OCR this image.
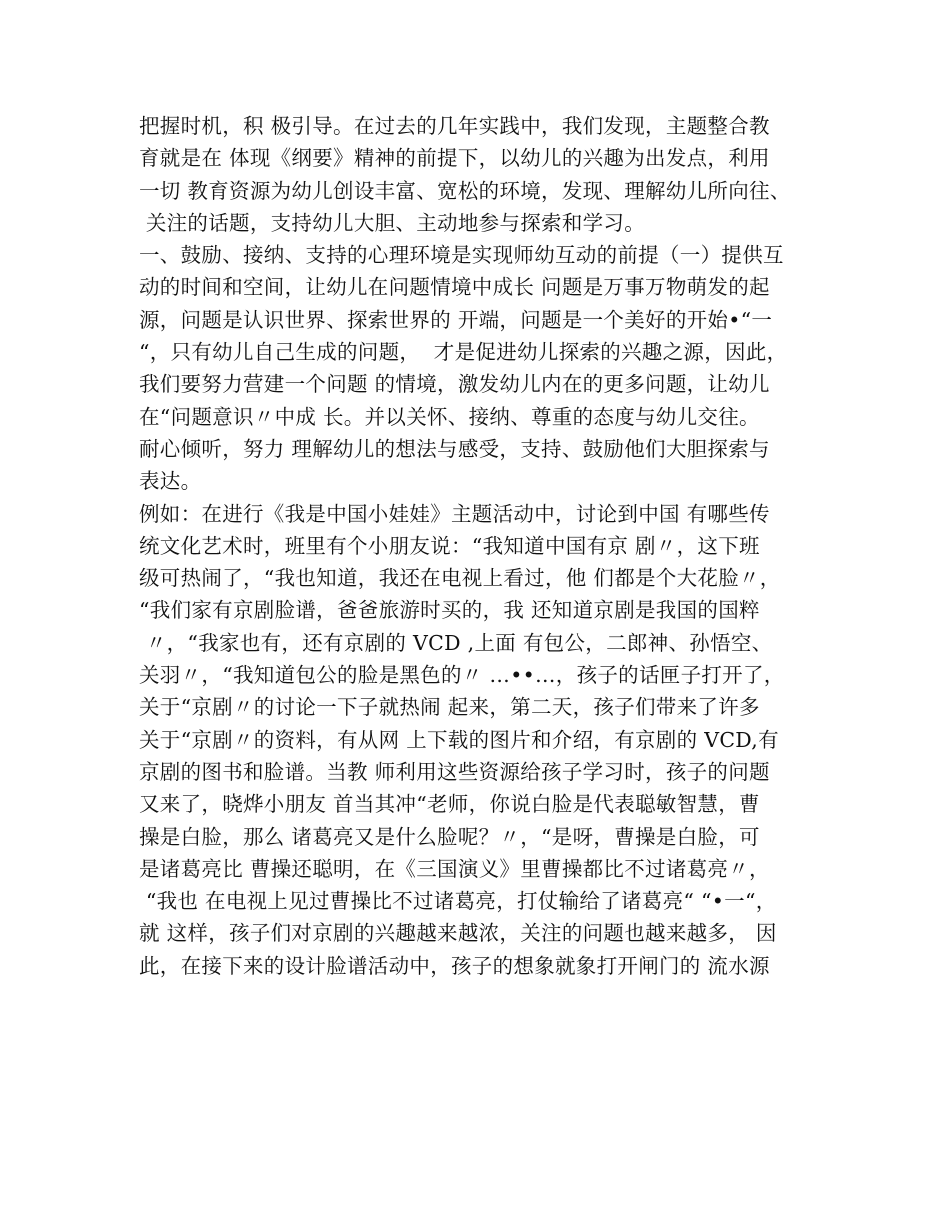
把握时机，积 极引导。在过去的几年实践中，我们发现，主题整合教
育就是在 体现《纲要》精神的前提下，以幼儿的兴趣为出发点，利用
一切 教育资源为幼儿创设丰富、宽松的环境，发现、理解幼儿所向往、
关注的话题，支持幼儿大胆、主动地参与探索和学习。
一、鼓励、接纳、支持的心理环境是实现师幼互动的前提（一）提供互
动的时间和空间，让幼儿在问题情境中成长 问题是万事万物萌发的起
源，问题是认识世界、探索世界的 开端，问题是一个美好的开始•“一
“，只有幼儿自己生成的问题，  才是促进幼儿探索的兴趣之源，因此，
我们要努力营建一个问题 的情境，激发幼儿内在的更多问题，让幼儿
在“问题意识〃中成 长。并以关怀、接纳、尊重的态度与幼儿交往。
耐心倾听，努力 理解幼儿的想法与感受，支持、鼓励他们大胆探索与
表达。
例如：在进行《我是中国小娃娃》主题活动中，讨论到中国 有哪些传
统文化艺术时，班里有个小朋友说：“我知道中国有京 剧〃，这下班
级可热闹了，“我也知道，我还在电视上看过，他 们都是个大花脸〃，
“我们家有京剧脸谱，爸爸旅游时买的，我 还知道京剧是我国的国粹
〃，“我家也有，还有京剧的 VCD ,上面 有包公，二郎神、孙悟空、
关羽〃，“我知道包公的脸是黑色的〃 …••…，孩子的话匣子打开了，
关于“京剧〃的讨论一下子就热闹 起来，第二天，孩子们带来了许多
关于“京剧〃的资料，有从网 上下载的图片和介绍，有京剧的 VCD,有
京剧的图书和脸谱。当教 师利用这些资源给孩子学习时，孩子的问题
又来了，晓烨小朋友 首当其冲“老师，你说白脸是代表聪敏智慧，曹
操是白脸，那么 诸葛亮又是什么脸呢？〃，“是呀，曹操是白脸，可
是诸葛亮比 曹操还聪明，在《三国演义》里曹操都比不过诸葛亮〃，
“我也 在电视上见过曹操比不过诸葛亮，打仗输给了诸葛亮“ “•一“，
就 这样，孩子们对京剧的兴趣越来越浓，关注的问题也越来越多， 因
此，在接下来的设计脸谱活动中，孩子的想象就象打开闸门的 流水源
